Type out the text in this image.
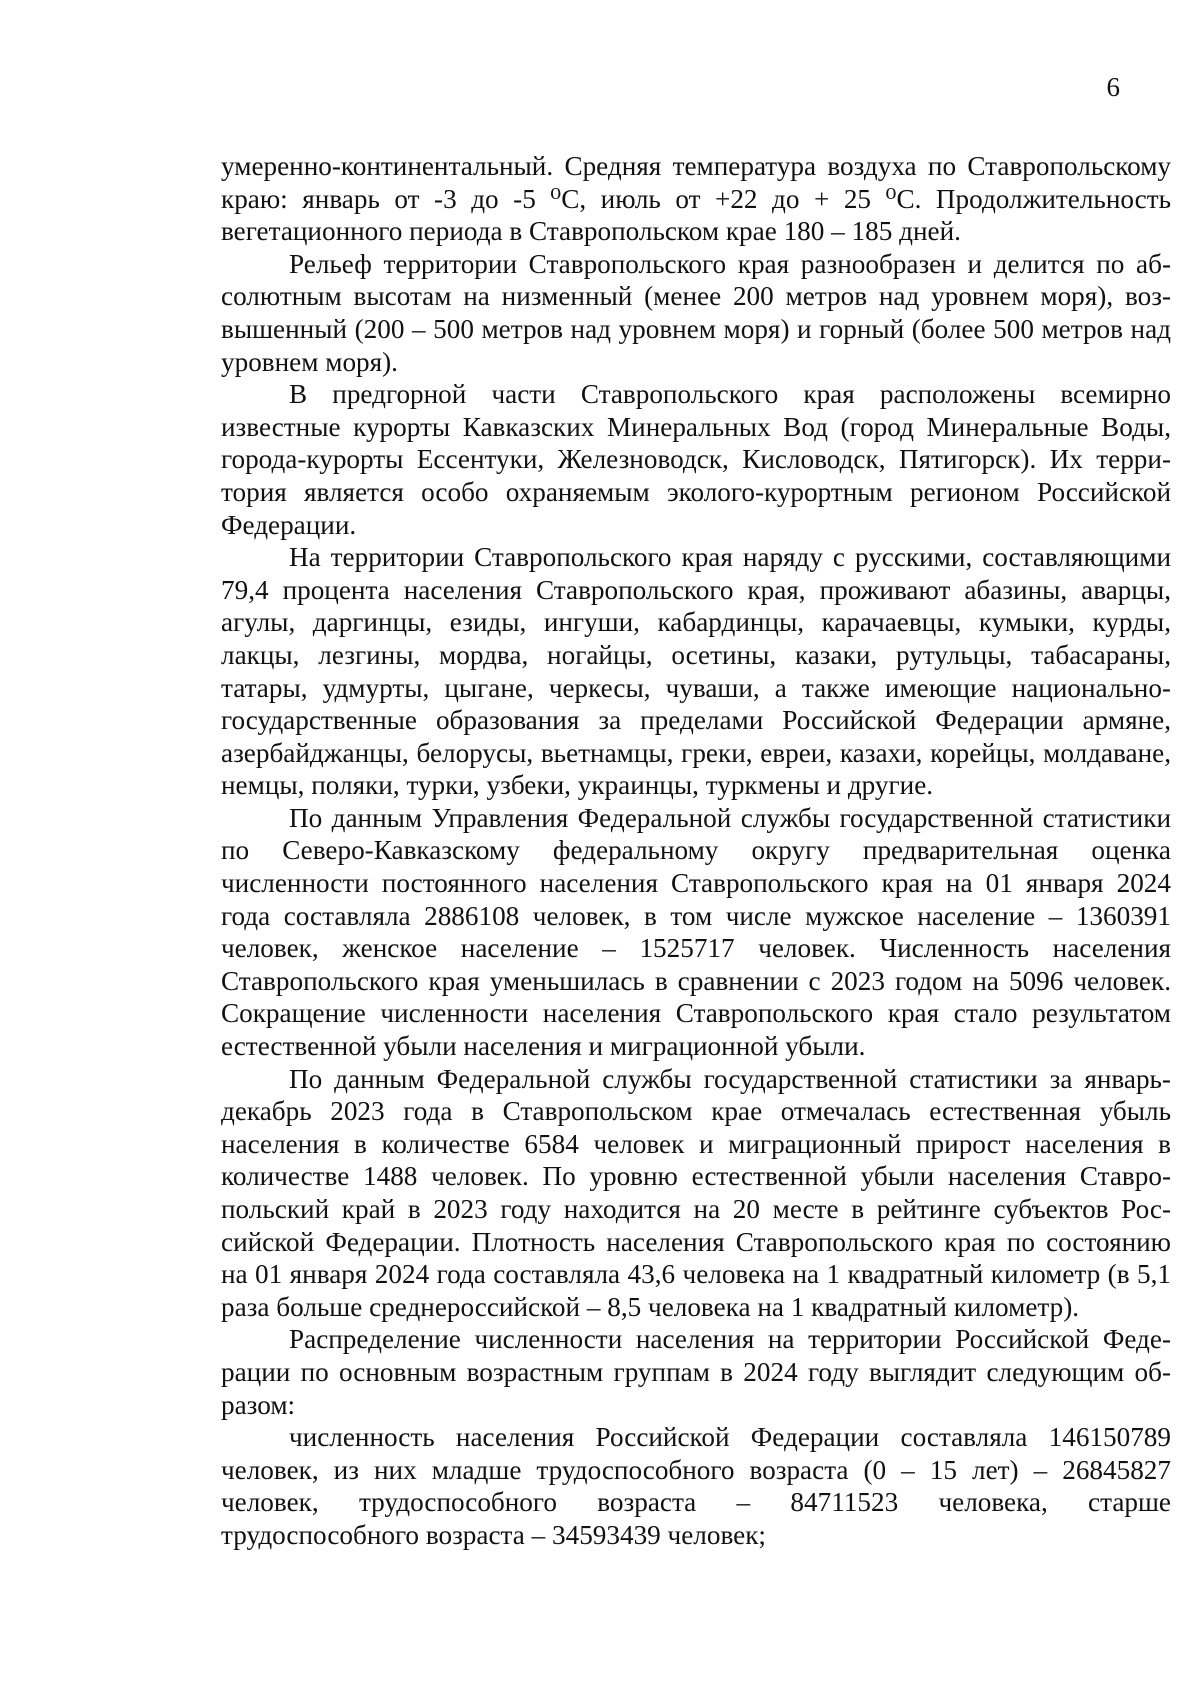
6

умеренно-континентальный. Средняя температура воздуха по Ставропольскому краю: январь от -3 до -5 ⁰С, июль от +22 до + 25 ⁰С. Продолжительность вегетационного периода в Ставропольском крае 180 – 185 дней.

Рельеф территории Ставропольского края разнообразен и делится по абсолютным высотам на низменный (менее 200 метров над уровнем моря), возвышенный (200 – 500 метров над уровнем моря) и горный (более 500 метров над уровнем моря).

В предгорной части Ставропольского края расположены всемирно известные курорты Кавказских Минеральных Вод (город Минеральные Воды, города-курорты Ессентуки, Железноводск, Кисловодск, Пятигорск). Их территория является особо охраняемым эколого-курортным регионом Российской Федерации.

На территории Ставропольского края наряду с русскими, составляющими 79,4 процента населения Ставропольского края, проживают абазины, аварцы, агулы, даргинцы, езиды, ингуши, кабардинцы, карачаевцы, кумыки, курды, лакцы, лезгины, мордва, ногайцы, осетины, казаки, рутульцы, табасараны, татары, удмурты, цыгане, черкесы, чуваши, а также имеющие национально-государственные образования за пределами Российской Федерации армяне, азербайджанцы, белорусы, вьетнамцы, греки, евреи, казахи, корейцы, молдаване, немцы, поляки, турки, узбеки, украинцы, туркмены и другие.

По данным Управления Федеральной службы государственной статистики по Северо-Кавказскому федеральному округу предварительная оценка численности постоянного населения Ставропольского края на 01 января 2024 года составляла 2886108 человек, в том числе мужское население – 1360391 человек, женское население – 1525717 человек. Численность населения Ставропольского края уменьшилась в сравнении с 2023 годом на 5096 человек. Сокращение численности населения Ставропольского края стало результатом естественной убыли населения и миграционной убыли.

По данным Федеральной службы государственной статистики за январь-декабрь 2023 года в Ставропольском крае отмечалась естественная убыль населения в количестве 6584 человек и миграционный прирост населения в количестве 1488 человек. По уровню естественной убыли населения Ставропольский край в 2023 году находится на 20 месте в рейтинге субъектов Российской Федерации. Плотность населения Ставропольского края по состоянию на 01 января 2024 года составляла 43,6 человека на 1 квадратный километр (в 5,1 раза больше среднероссийской – 8,5 человека на 1 квадратный километр).

Распределение численности населения на территории Российской Федерации по основным возрастным группам в 2024 году выглядит следующим образом:

численность населения Российской Федерации составляла 146150789 человек, из них младше трудоспособного возраста (0 – 15 лет) – 26845827 человек, трудоспособного возраста – 84711523 человека, старше трудоспособного возраста – 34593439 человек;
